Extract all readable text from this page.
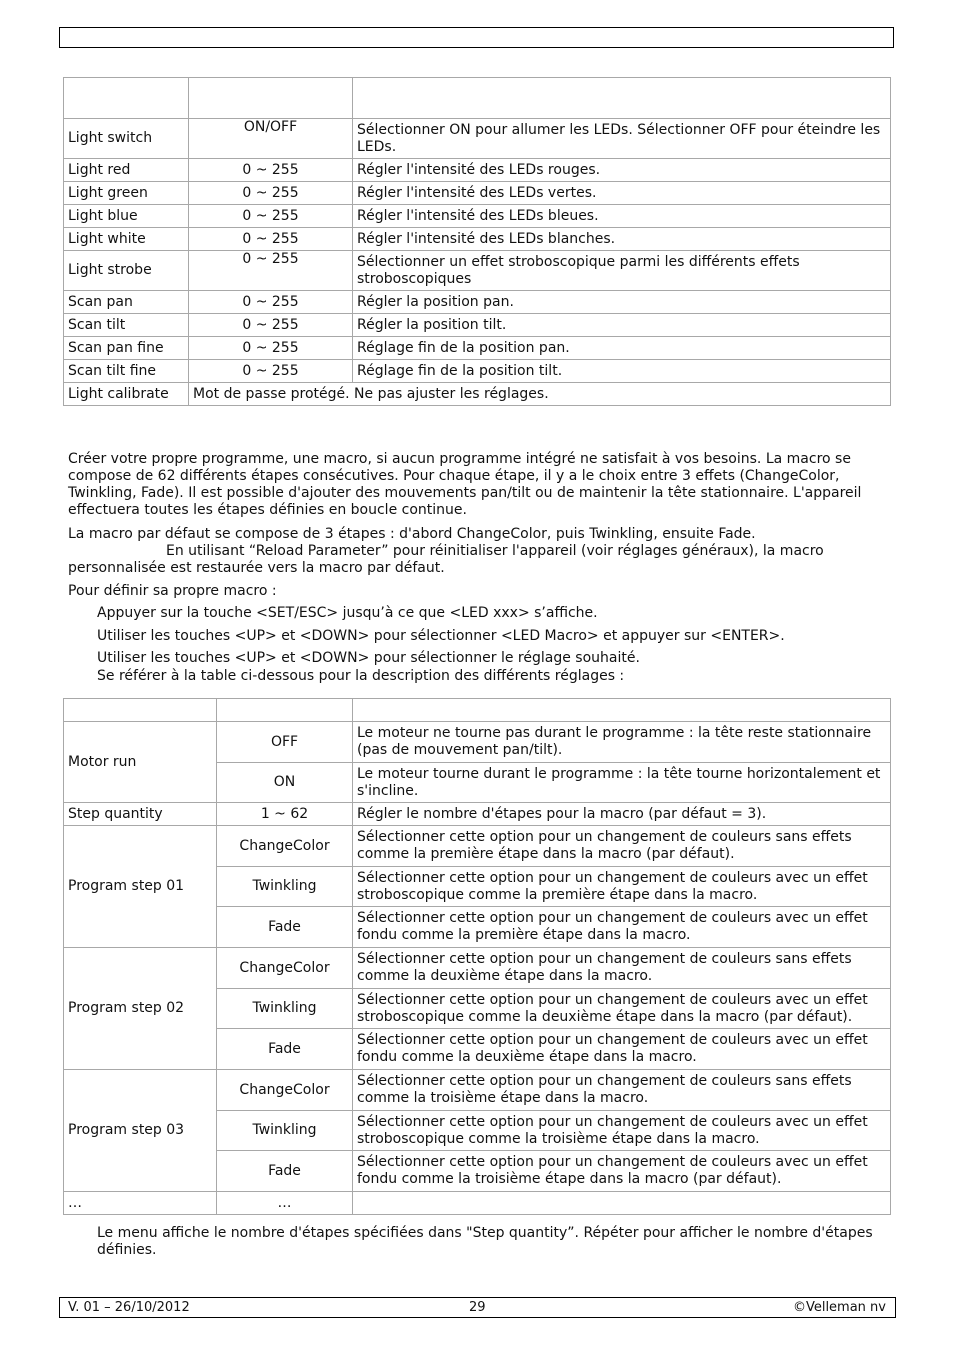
Light switch	ON/OFF	Sélectionner ON pour allumer les LEDs. Sélectionner OFF pour éteindre les LEDs.
Light red	0 ~ 255	Régler l'intensité des LEDs rouges.
Light green	0 ~ 255	Régler l'intensité des LEDs vertes.
Light blue	0 ~ 255	Régler l'intensité des LEDs bleues.
Light white	0 ~ 255	Régler l'intensité des LEDs blanches.
Light strobe	0 ~ 255	Sélectionner un effet stroboscopique parmi les différents effets stroboscopiques
Scan pan	0 ~ 255	Régler la position pan.
Scan tilt	0 ~ 255	Régler la position tilt.
Scan pan fine	0 ~ 255	Réglage fin de la position pan.
Scan tilt fine	0 ~ 255	Réglage fin de la position tilt.
Light calibrate	Mot de passe protégé. Ne pas ajuster les réglages.	

Créer votre propre programme, une macro, si aucun programme intégré ne satisfait à vos besoins. La macro se compose de 62 différents étapes consécutives. Pour chaque étape, il y a le choix entre 3 effets (ChangeColor, Twinkling, Fade). Il est possible d'ajouter des mouvements pan/tilt ou de maintenir la tête stationnaire. L'appareil effectuera toutes les étapes définies en boucle continue.

La macro par défaut se compose de 3 étapes : d'abord ChangeColor, puis Twinkling, ensuite Fade.

En utilisant “Reload Parameter” pour réinitialiser l'appareil (voir réglages généraux), la macro

personnalisée est restaurée vers la macro par défaut.

Pour définir sa propre macro :

Appuyer sur la touche <SET/ESC> jusqu’à ce que <LED xxx> s’affiche.

Utiliser les touches <UP> et <DOWN> pour sélectionner <LED Macro> et appuyer sur <ENTER>.

Utiliser les touches <UP> et <DOWN> pour sélectionner le réglage souhaité.

Se référer à la table ci-dessous pour la description des différents réglages :

Motor run	OFF	Le moteur ne tourne pas durant le programme : la tête reste stationnaire (pas de mouvement pan/tilt).
	ON	Le moteur tourne durant le programme : la tête tourne horizontalement et s'incline.
Step quantity	1 ~ 62	Régler le nombre d'étapes pour la macro (par défaut = 3).
Program step 01	ChangeColor	Sélectionner cette option pour un changement de couleurs sans effets comme la première étape dans la macro (par défaut).
	Twinkling	Sélectionner cette option pour un changement de couleurs avec un effet stroboscopique comme la première étape dans la macro.
	Fade	Sélectionner cette option pour un changement de couleurs avec un effet fondu comme la première étape dans la macro.
Program step 02	ChangeColor	Sélectionner cette option pour un changement de couleurs sans effets comme la deuxième étape dans la macro.
	Twinkling	Sélectionner cette option pour un changement de couleurs avec un effet stroboscopique comme la deuxième étape dans la macro (par défaut).
	Fade	Sélectionner cette option pour un changement de couleurs avec un effet fondu comme la deuxième étape dans la macro.
Program step 03	ChangeColor	Sélectionner cette option pour un changement de couleurs sans effets comme la troisième étape dans la macro.
	Twinkling	Sélectionner cette option pour un changement de couleurs avec un effet stroboscopique comme la troisième étape dans la macro.
	Fade	Sélectionner cette option pour un changement de couleurs avec un effet fondu comme la troisième étape dans la macro (par défaut).
…	…	

Le menu affiche le nombre d'étapes spécifiées dans "Step quantity”. Répéter pour afficher le nombre d'étapes définies.

V. 01 – 26/10/2012	29	©Velleman nv
